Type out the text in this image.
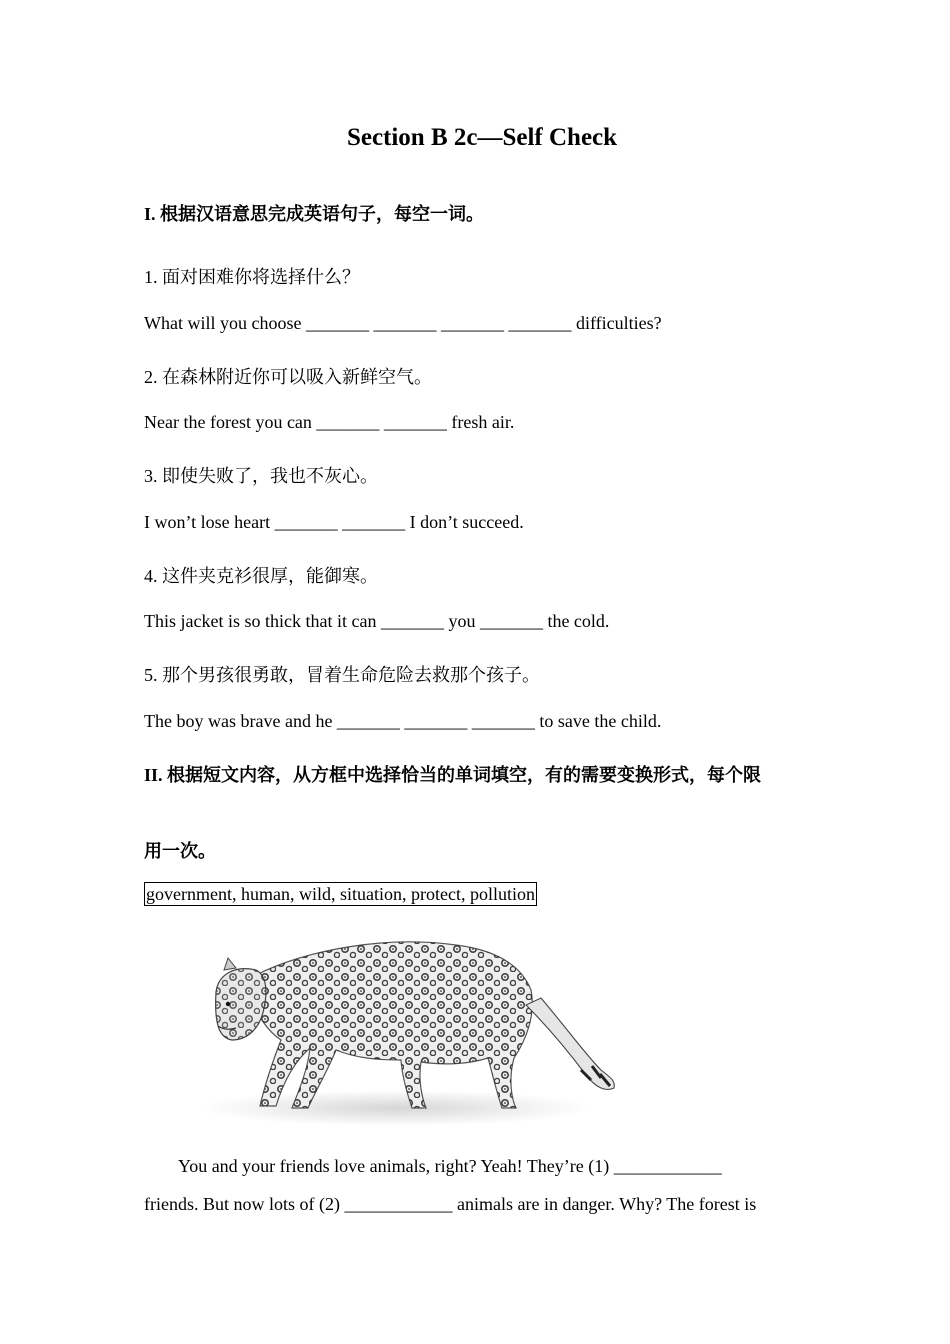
Section B 2c—Self Check
I. 根据汉语意思完成英语句子，每空一词。
1. 面对困难你将选择什么？
What will you choose _______ _______ _______ _______ difficulties?
2. 在森林附近你可以吸入新鲜空气。
Near the forest you can _______ _______ fresh air.
3. 即使失败了，我也不灰心。
I won’t lose heart _______ _______ I don’t succeed.
4. 这件夹克衫很厚，能御寒。
This jacket is so thick that it can _______ you _______ the cold.
5. 那个男孩很勇敢，冒着生命危险去救那个孩子。
The boy was brave and he _______ _______ _______ to save the child.
II. 根据短文内容，从方框中选择恰当的单词填空，有的需要变换形式，每个限
用一次。
government, human, wild, situation, protect, pollution
You and your friends love animals, right? Yeah! They’re (1) ____________
friends. But now lots of (2) ____________ animals are in danger. Why? The forest is
